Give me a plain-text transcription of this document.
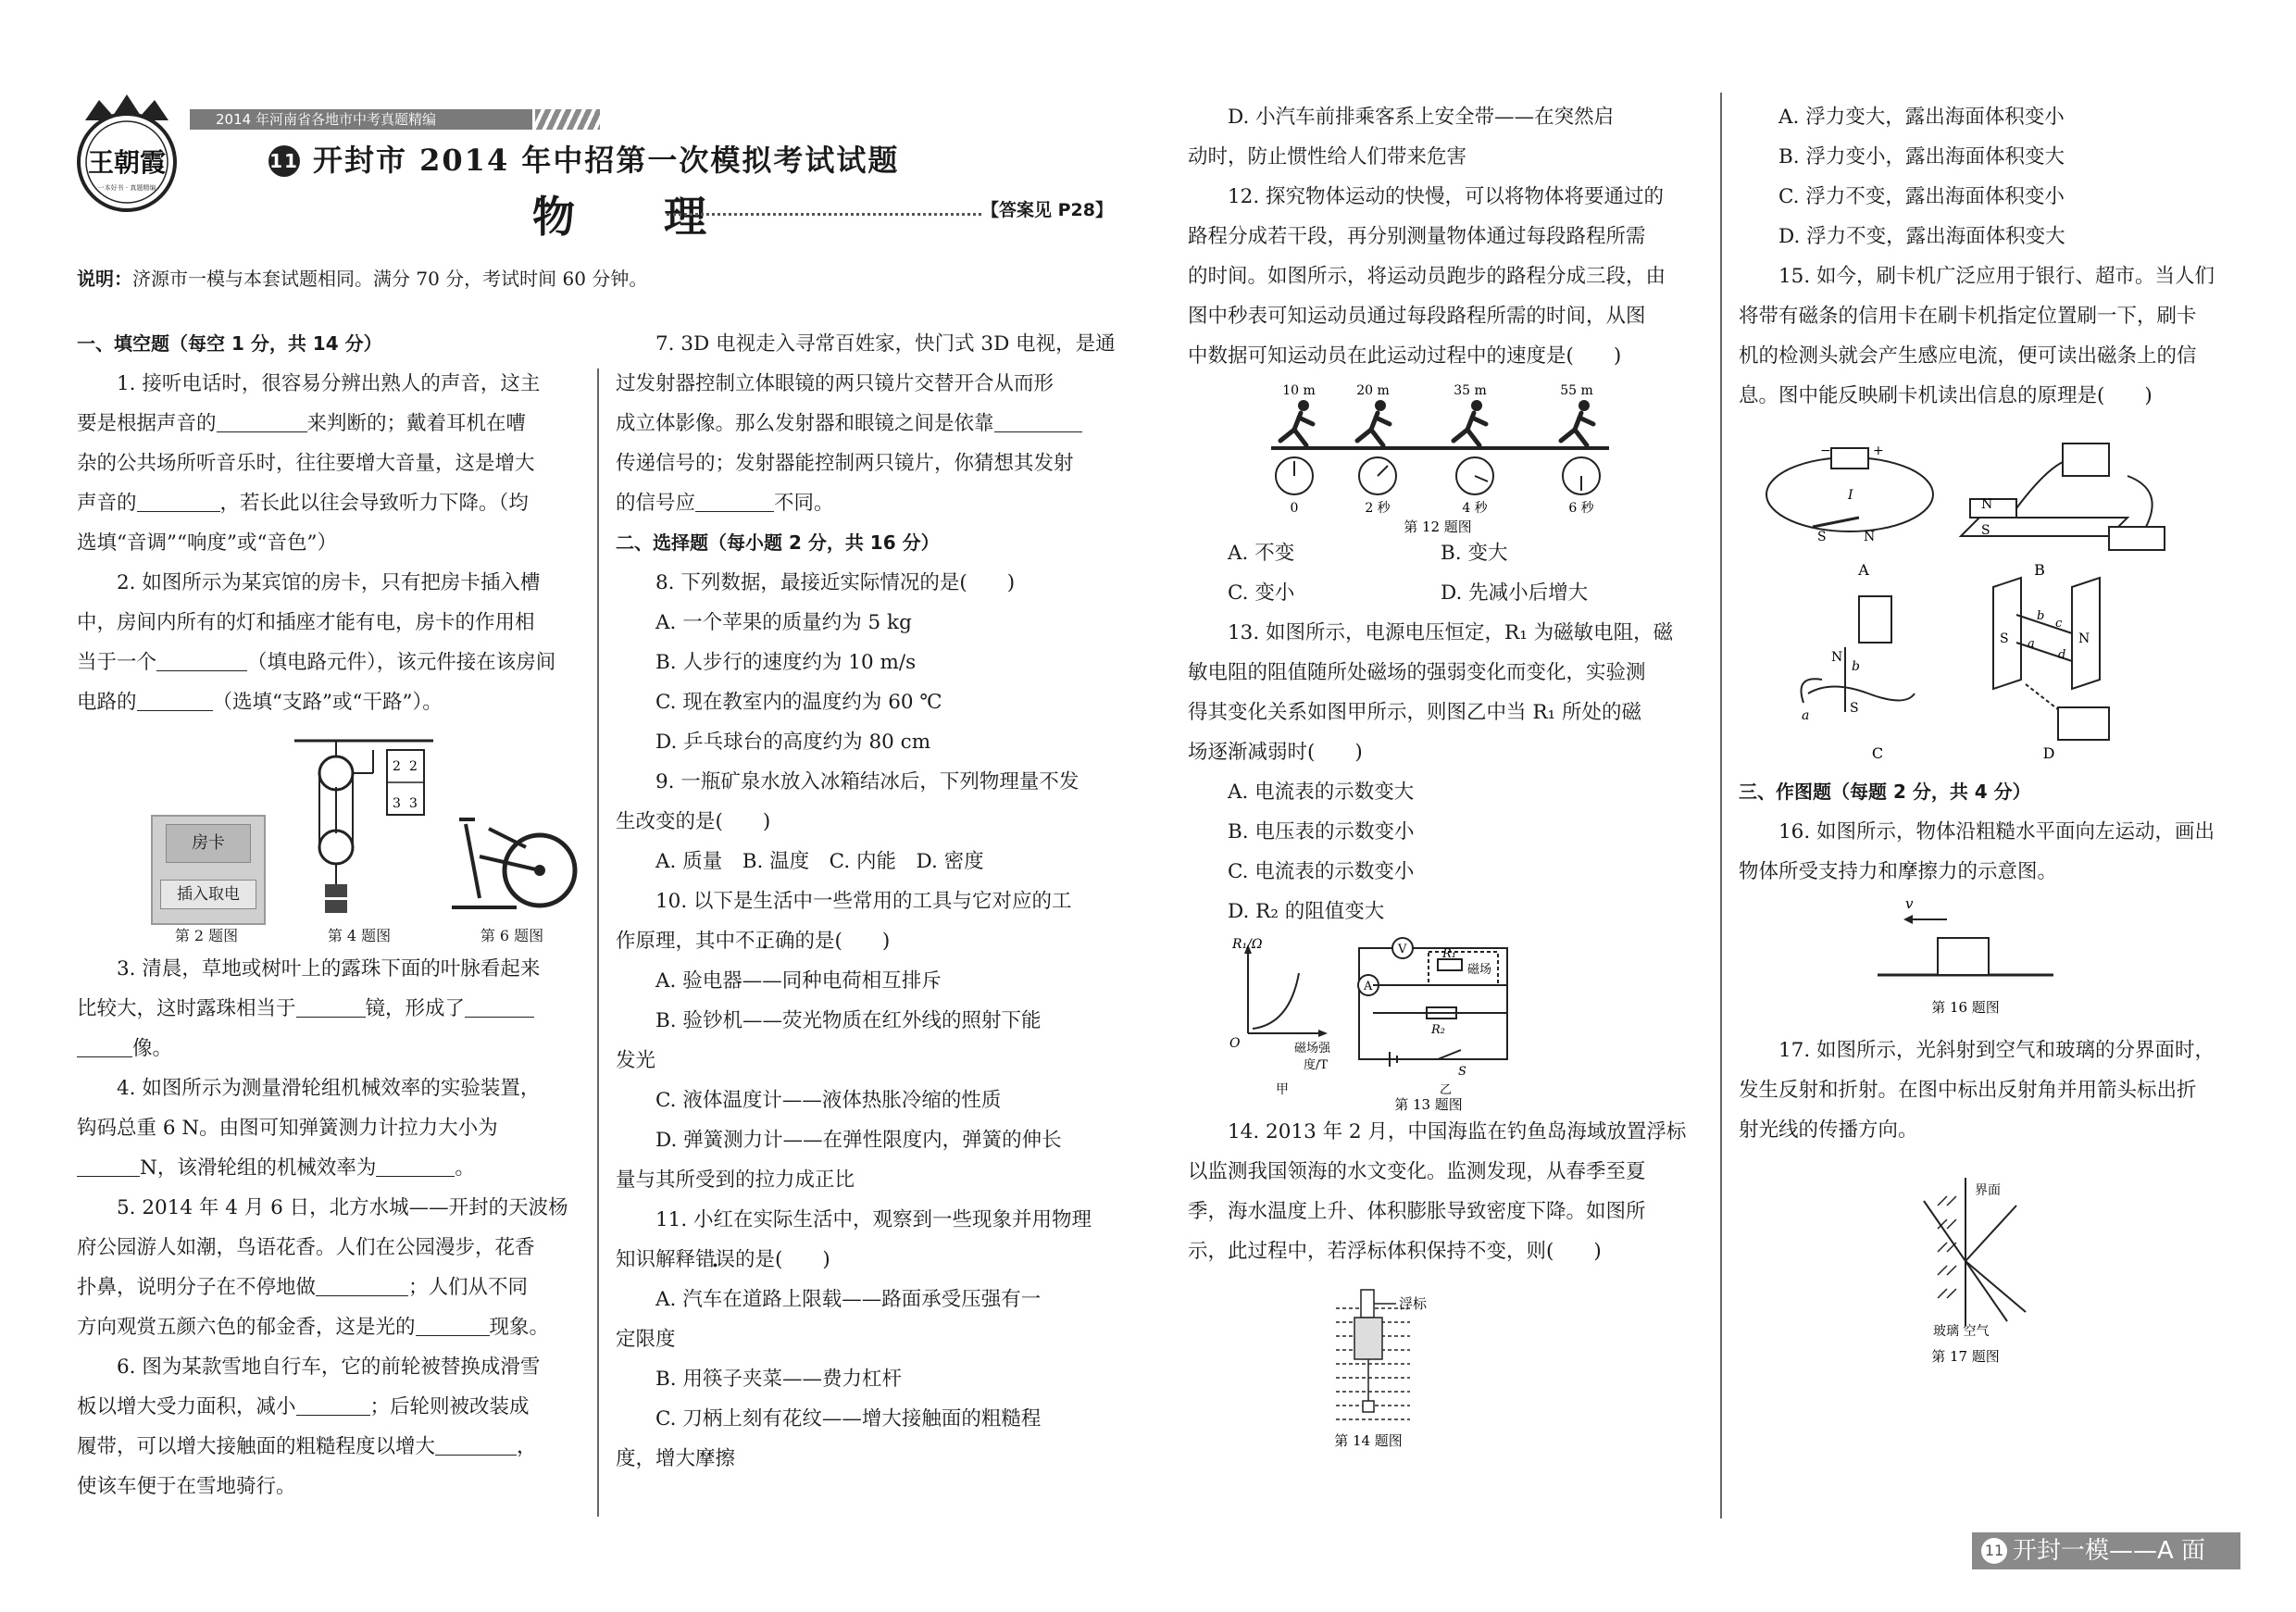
王朝霞
一本好书 · 真题精编
2014 年河南省各地市中考真题精编
11 开封市 2014 年中招第一次模拟考试试题
物 理	【答案见 P28】
说明：济源市一模与本套试题相同。满分 70 分，考试时间 60 分钟。

一、填空题（每空 1 分，共 14 分）

1. 接听电话时，很容易分辨出熟人的声音，这主

要是根据声音的	来判断的；戴着耳机在嘈

杂的公共场所听音乐时，往往要增大音量，这是增大

声音的	，若长此以往会导致听力下降。（均

选填“音调”“响度”或“音色”）

2. 如图所示为某宾馆的房卡，只有把房卡插入槽

中，房间内所有的灯和插座才能有电，房卡的作用相

当于一个	（填电路元件），该元件接在该房间

电路的	（选填“支路”或“干路”）。

房卡
插入取电
2
3
2
3
第 2 题图	第 4 题图	第 6 题图

3. 清晨，草地或树叶上的露珠下面的叶脉看起来

比较大，这时露珠相当于	镜，形成了

像。

4. 如图所示为测量滑轮组机械效率的实验装置，

钩码总重 6 N。由图可知弹簧测力计拉力大小为

N，该滑轮组的机械效率为	。

5. 2014 年 4 月 6 日，北方水城——开封的天波杨

府公园游人如潮，鸟语花香。人们在公园漫步，花香

扑鼻，说明分子在不停地做	；人们从不同

方向观赏五颜六色的郁金香，这是光的	现象。

6. 图为某款雪地自行车，它的前轮被替换成滑雪

板以增大受力面积，减小	；后轮则被改装成

履带，可以增大接触面的粗糙程度以增大	，

使该车便于在雪地骑行。

7. 3D 电视走入寻常百姓家，快门式 3D 电视，是通

过发射器控制立体眼镜的两只镜片交替开合从而形

成立体影像。那么发射器和眼镜之间是依靠

传递信号的；发射器能控制两只镜片，你猜想其发射

的信号应	不同。

二、选择题（每小题 2 分，共 16 分）

8. 下列数据，最接近实际情况的是(　　)

A. 一个苹果的质量约为 5 kg

B. 人步行的速度约为 10 m/s

C. 现在教室内的温度约为 60 ℃

D. 乒乓球台的高度约为 80 cm

9. 一瓶矿泉水放入冰箱结冰后，下列物理量不发

生改变的是(　　)

A. 质量　B. 温度　C. 内能　D. 密度

10. 以下是生活中一些常用的工具与它对应的工

作原理，其中不正确的是(　　)

A. 验电器——同种电荷相互排斥

B. 验钞机——荧光物质在红外线的照射下能

发光

C. 液体温度计——液体热胀冷缩的性质

D. 弹簧测力计——在弹性限度内，弹簧的伸长

量与其所受到的拉力成正比

11. 小红在实际生活中，观察到一些现象并用物理

知识解释错误的是(　　)

A. 汽车在道路上限载——路面承受压强有一

定限度

B. 用筷子夹菜——费力杠杆

C. 刀柄上刻有花纹——增大接触面的粗糙程

度，增大摩擦

D. 小汽车前排乘客系上安全带——在突然启

动时，防止惯性给人们带来危害

12. 探究物体运动的快慢，可以将物体将要通过的

路程分成若干段，再分别测量物体通过每段路程所需

的时间。如图所示，将运动员跑步的路程分成三段，由

图中秒表可知运动员通过每段路程所需的时间，从图

中数据可知运动员在此运动过程中的速度是(　　)

10 m	20 m	35 m	55 m
0	2 秒	4 秒	6 秒
第 12 题图

A. 不变	B. 变大

C. 变小	D. 先减小后增大

13. 如图所示，电源电压恒定，R₁ 为磁敏电阻，磁

敏电阻的阻值随所处磁场的强弱变化而变化，实验测

得其变化关系如图甲所示，则图乙中当 R₁ 所处的磁

场逐渐减弱时(　　)

A. 电流表的示数变大

B. 电压表的示数变小

C. 电流表的示数变小

D. R₂ 的阻值变大

R₁/Ω
O	磁场强
度/T
甲
V
A
R₁
磁场
R₂
S
乙
第 13 题图

14. 2013 年 2 月，中国海监在钓鱼岛海域放置浮标

以监测我国领海的水文变化。监测发现，从春季至夏

季，海水温度上升、体积膨胀导致密度下降。如图所

示，此过程中，若浮标体积保持不变，则(　　)

浮标
第 14 题图

A. 浮力变大，露出海面体积变小

B. 浮力变小，露出海面体积变大

C. 浮力不变，露出海面体积变小

D. 浮力不变，露出海面体积变大

15. 如今，刷卡机广泛应用于银行、超市。当人们

将带有磁条的信用卡在刷卡机指定位置刷一下，刷卡

机的检测头就会产生感应电流，便可读出磁条上的信

息。图中能反映刷卡机读出信息的原理是(　　)

S	N
I
−	+
A
N
S
B
N
S
a
b
C
S	N
a
b
c
d
D

三、作图题（每题 2 分，共 4 分）

16. 如图所示，物体沿粗糙水平面向左运动，画出

物体所受支持力和摩擦力的示意图。

v
第 16 题图

17. 如图所示，光斜射到空气和玻璃的分界面时，

发生反射和折射。在图中标出反射角并用箭头标出折

射光线的传播方向。

界面
玻璃 空气
第 17 题图
11 开封一模——A 面
